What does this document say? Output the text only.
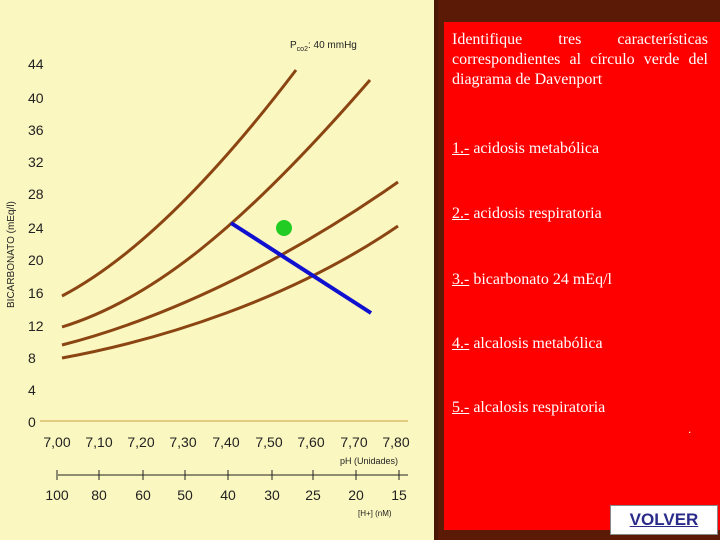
$P_{co2}$: 40 mmHg
BICARBONATO (mEq/l)
44
40
36
32
28
24
20
16
12
8
4
0
7,00 7,10 7,20 7,30 7,40 7,50 7,60 7,70 7,80
pH (Unidades)
100 80 60 50 40 30 25 20 15
[H+] (nM)

Identifique tres características correspondientes al círculo verde del diagrama de Davenport

1.- acidosis metabólica
2.- acidosis respiratoria
3.- bicarbonato 24 mEq/l
4.- alcalosis metabólica
5.- alcalosis respiratoria
.
VOLVER
